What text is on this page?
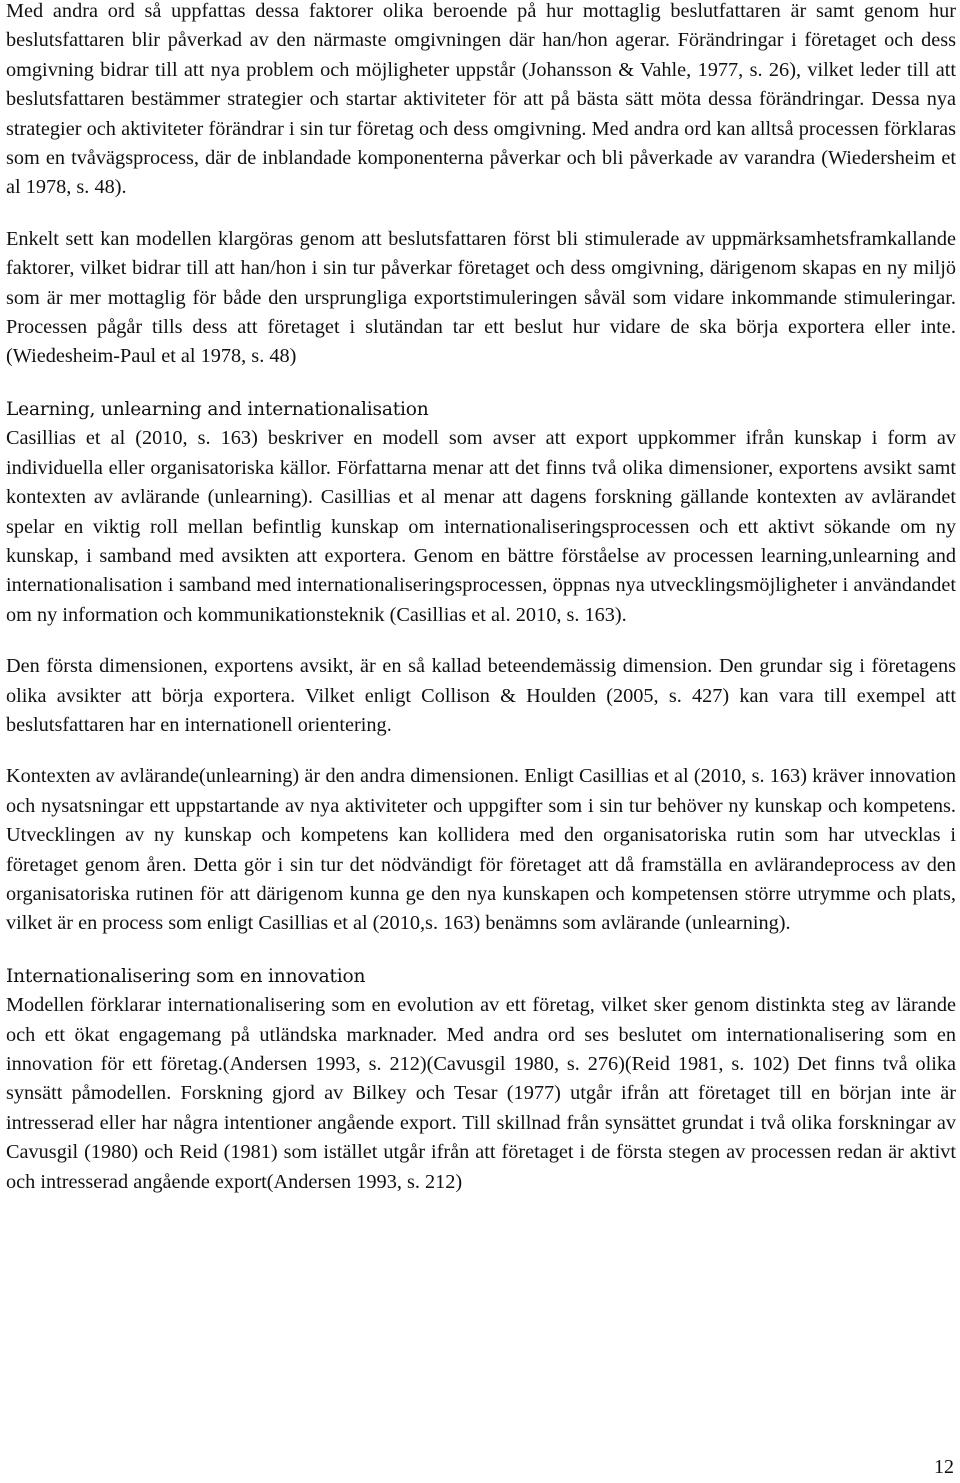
Med andra ord så uppfattas dessa faktorer olika beroende på hur mottaglig beslutfattaren är samt genom hur beslutsfattaren blir påverkad av den närmaste omgivningen där han/hon agerar. Förändringar i företaget och dess omgivning bidrar till att nya problem och möjligheter uppstår (Johansson & Vahle, 1977, s. 26), vilket leder till att beslutsfattaren bestämmer strategier och startar aktiviteter för att på bästa sätt möta dessa förändringar. Dessa nya strategier och aktiviteter förändrar i sin tur företag och dess omgivning. Med andra ord kan alltså processen förklaras som en tvåvägsprocess, där de inblandade komponenterna påverkar och bli påverkade av varandra (Wiedersheim et al 1978, s. 48).

Enkelt sett kan modellen klargöras genom att beslutsfattaren först bli stimulerade av uppmärksamhetsframkallande faktorer, vilket bidrar till att han/hon i sin tur påverkar företaget och dess omgivning, därigenom skapas en ny miljö som är mer mottaglig för både den ursprungliga exportstimuleringen såväl som vidare inkommande stimuleringar. Processen pågår tills dess att företaget i slutändan tar ett beslut hur vidare de ska börja exportera eller inte. (Wiedesheim-Paul et al 1978, s. 48)

Learning, unlearning and internationalisation

Casillias et al (2010, s. 163) beskriver en modell som avser att export uppkommer ifrån kunskap i form av individuella eller organisatoriska källor. Författarna menar att det finns två olika dimensioner, exportens avsikt samt kontexten av avlärande (unlearning). Casillias et al menar att dagens forskning gällande kontexten av avlärandet spelar en viktig roll mellan befintlig kunskap om internationaliseringsprocessen och ett aktivt sökande om ny kunskap, i samband med avsikten att exportera. Genom en bättre förståelse av processen learning,unlearning and internationalisation i samband med internationaliseringsprocessen, öppnas nya utvecklingsmöjligheter i användandet om ny information och kommunikationsteknik (Casillias et al. 2010, s. 163).

Den första dimensionen, exportens avsikt, är en så kallad beteendemässig dimension. Den grundar sig i företagens olika avsikter att börja exportera. Vilket enligt Collison & Houlden (2005, s. 427) kan vara till exempel att beslutsfattaren har en internationell orientering.

Kontexten av avlärande(unlearning) är den andra dimensionen. Enligt Casillias et al (2010, s. 163) kräver innovation och nysatsningar ett uppstartande av nya aktiviteter och uppgifter som i sin tur behöver ny kunskap och kompetens. Utvecklingen av ny kunskap och kompetens kan kollidera med den organisatoriska rutin som har utvecklas i företaget genom åren. Detta gör i sin tur det nödvändigt för företaget att då framställa en avlärandeprocess av den organisatoriska rutinen för att därigenom kunna ge den nya kunskapen och kompetensen större utrymme och plats, vilket är en process som enligt Casillias et al (2010,s. 163) benämns som avlärande (unlearning).

Internationalisering som en innovation

Modellen förklarar internationalisering som en evolution av ett företag, vilket sker genom distinkta steg av lärande och ett ökat engagemang på utländska marknader. Med andra ord ses beslutet om internationalisering som en innovation för ett företag.(Andersen 1993, s. 212)(Cavusgil 1980, s. 276)(Reid 1981, s. 102) Det finns två olika synsätt påmodellen. Forskning gjord av Bilkey och Tesar (1977) utgår ifrån att företaget till en början inte är intresserad eller har några intentioner angående export. Till skillnad från synsättet grundat i två olika forskningar av Cavusgil (1980) och Reid (1981) som istället utgår ifrån att företaget i de första stegen av processen redan är aktivt och intresserad angående export(Andersen 1993, s. 212)

12
